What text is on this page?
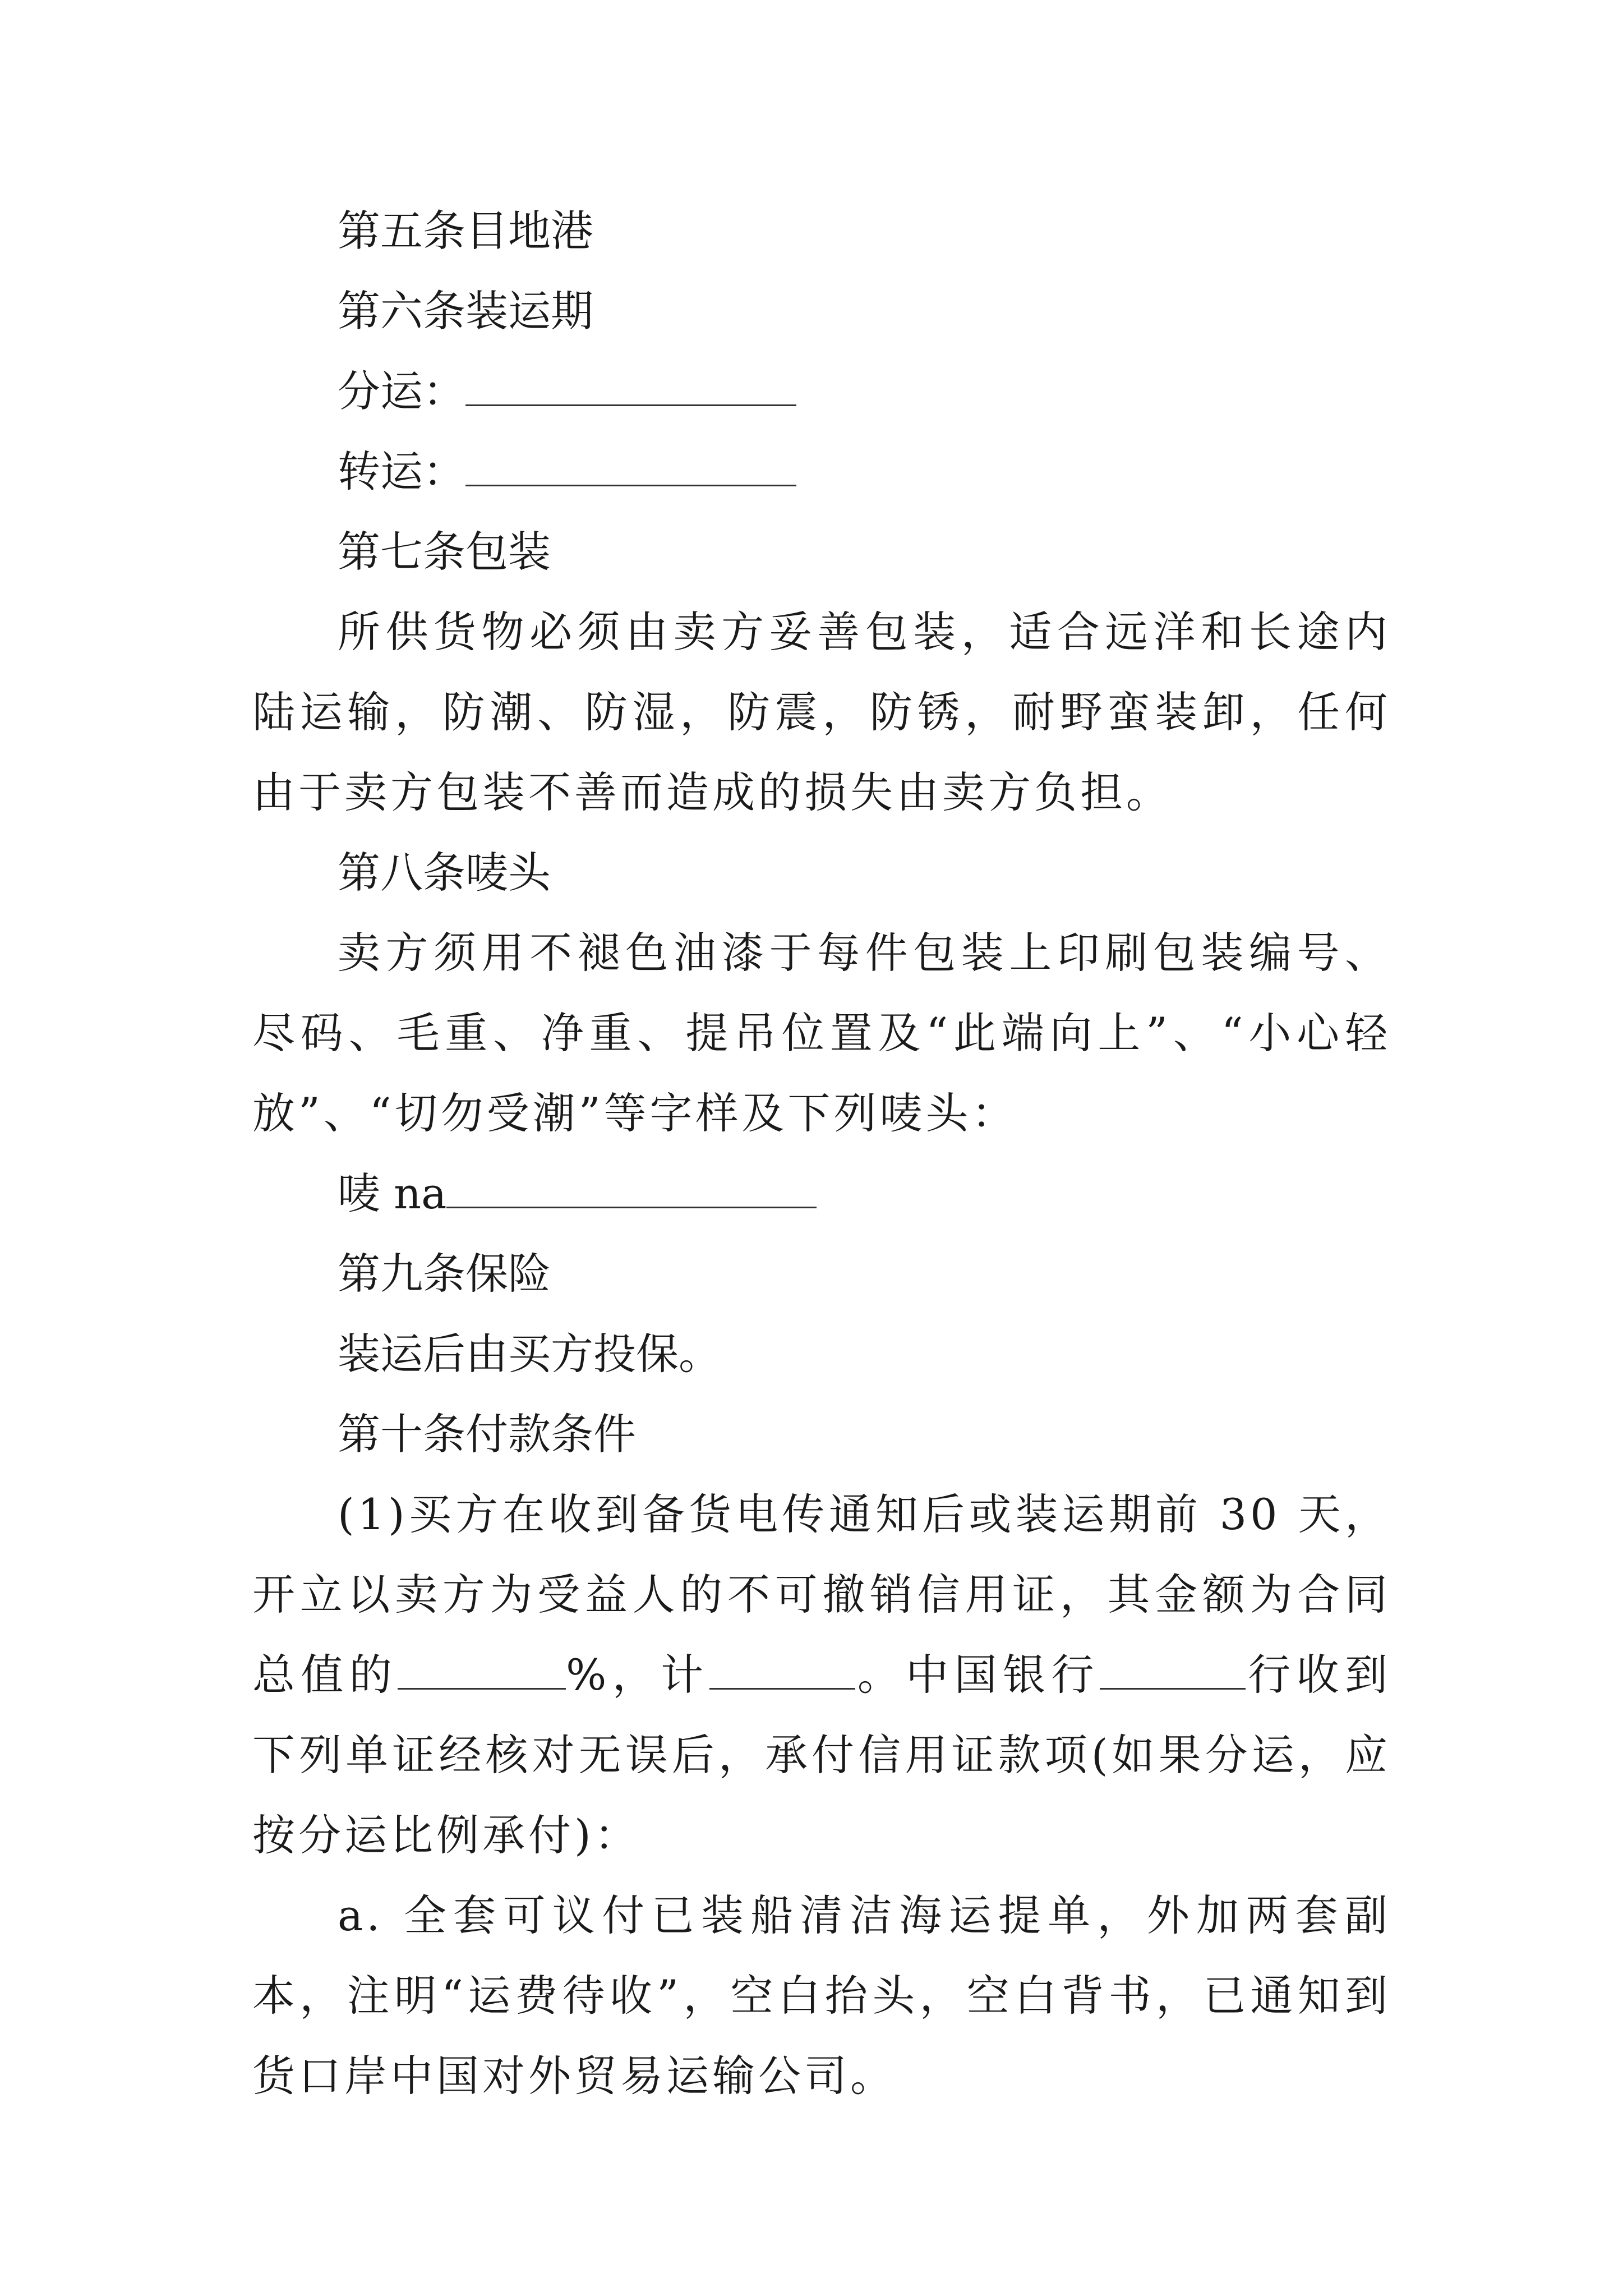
第五条目地港
第六条装运期
分运：
转运：
第七条包装
所供货物必须由卖方妥善包装，适合远洋和长途内陆运输，防潮、防湿，防震，防锈，耐野蛮装卸，任何由于卖方包装不善而造成的损失由卖方负担。
第八条唛头
卖方须用不褪色油漆于每件包装上印刷包装编号、尽码、毛重、净重、提吊位置及“此端向上”、“小心轻放”、“切勿受潮”等字样及下列唛头：
唛 na
第九条保险
装运后由买方投保。
第十条付款条件
(1)买方在收到备货电传通知后或装运期前 30 天，开立以卖方为受益人的不可撤销信用证，其金额为合同总值的	%，计	。中国银行	行收到下列单证经核对无误后，承付信用证款项(如果分运，应按分运比例承付)：
a. 全套可议付已装船清洁海运提单，外加两套副本，注明“运费待收”，空白抬头，空白背书，已通知到货口岸中国对外贸易运输公司。
